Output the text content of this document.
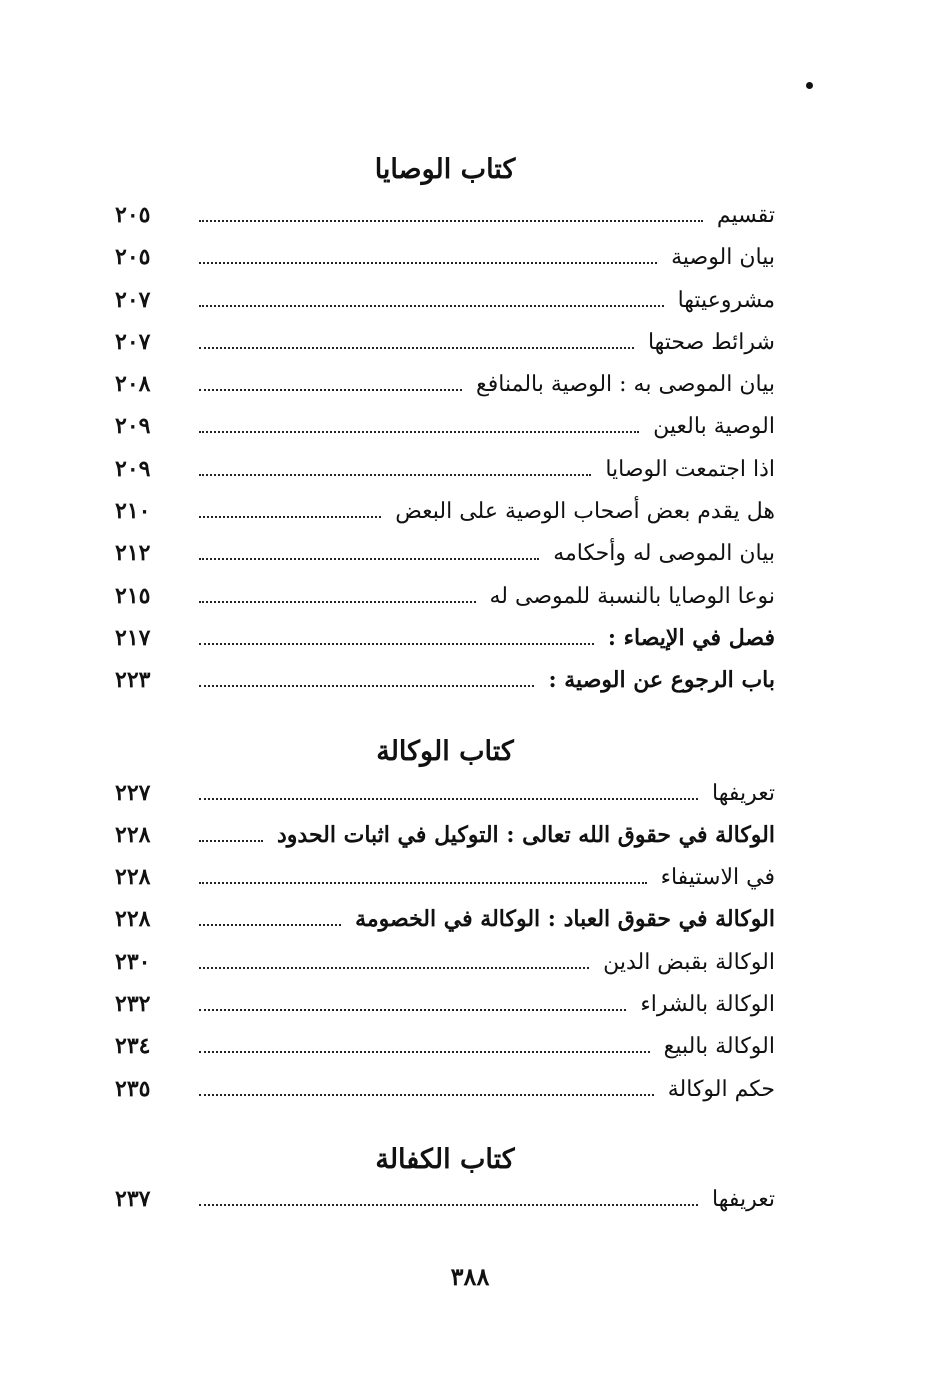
كتاب الوصايا
تقسيم
٢٠٥
بيان الوصية
٢٠٥
مشروعيتها
٢٠٧
شرائط صحتها
٢٠٧
بيان الموصى به : الوصية بالمنافع
٢٠٨
الوصية بالعين
٢٠٩
اذا اجتمعت الوصايا
٢٠٩
هل يقدم بعض أصحاب الوصية على البعض
٢١٠
بيان الموصى له وأحكامه
٢١٢
نوعا الوصايا بالنسبة للموصى له
٢١٥
فصل في الإيصاء :
٢١٧
باب الرجوع عن الوصية :
٢٢٣
كتاب الوكالة
تعريفها
٢٢٧
الوكالة في حقوق الله تعالى : التوكيل في اثبات الحدود
٢٢٨
في الاستيفاء
٢٢٨
الوكالة في حقوق العباد : الوكالة في الخصومة
٢٢٨
الوكالة بقبض الدين
٢٣٠
الوكالة بالشراء
٢٣٢
الوكالة بالبيع
٢٣٤
حكم الوكالة
٢٣٥
كتاب الكفالة
تعريفها
٢٣٧
٣٨٨
